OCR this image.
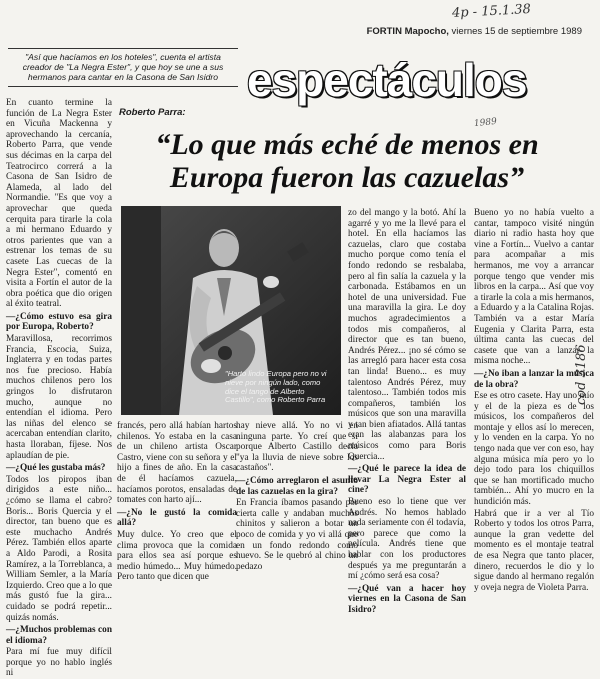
4p - 15.1.38
1989
cod 3186
FORTIN Mapocho, viernes 15 de septiembre 1989
"Así que hacíamos en los hoteles", cuenta el artista creador de "La Negra Ester", y que hoy se une a sus hermanos para cantar en la Casona de San Isidro espectáculos
Roberto Parra:
“Lo que más eché de menos en Europa fueron las cazuelas”
"Harto lindo Europa pero no vi nieve por ningún lado, como dice el tango de Alberto Castillo", como Roberto Parra

En cuanto termine la función de La Negra Ester en Vicuña Mackenna y aprovechando la cercanía, Roberto Parra, que vende sus décimas en la carpa del Teatrocirco correrá a la Casona de San Isidro de Alameda, al lado del Normandie. "Es que voy a aprovechar que queda cerquita para tirarle la cola a mi hermano Eduardo y otros parientes que van a estrenar los temas de su casete Las cuecas de la Negra Ester", comentó en visita a Fortín el autor de la obra poética que dio origen al éxito teatral.

—¿Cómo estuvo esa gira por Europa, Roberto?

Maravillosa, recorrimos Francia, Escocia, Suiza, Inglaterra y en todas partes nos fue precioso. Había muchos chilenos pero los gringos lo disfrutaron mucho, aunque no entendían el idioma. Pero las niñas del elenco se acercaban entendían clarito, hasta lloraban, fíjese. Nos aplaudían de pie.

—¿Qué les gustaba más?

Todos los piropos iban dirigidos a este niño... ¿cómo se llama el cabro? Boris... Boris Quercia y el director, tan bueno que es este muchacho Andrés Pérez. También ellos aparte a Aldo Parodi, a Rosita Ramírez, a la Torreblanca, a William Semler, a la María Izquierdo. Creo que a lo que más gustó fue la gira... cuidado se podrá repetir... quizás nomás.

—¿Muchos problemas con el idioma?

Para mí fue muy difícil porque yo no hablo inglés ni

francés, pero allá habían hartos chilenos. Yo estaba en la casa de un chileno artista Oscar Castro, viene con su señora y el hijo a fines de año. En la casa de él hacíamos cazuela, hacíamos porotos, ensaladas de tomates con harto ají...

—¿No le gustó la comida allá?

Muy dulce. Yo creo que el clima provoca que la comida para ellos sea así porque es medio húmedo... Muy húmedo. Pero tanto que dicen que

hay nieve allá. Yo no vi en ninguna parte. Yo creí que sí porque Alberto Castillo decía "ya la lluvia de nieve sobre los castaños".

—¿Cómo arreglaron el asunto de las cazuelas en la gira?

En Francia íbamos pasando por cierta calle y andaban muchos chinitos y salieron a botar un poco de comida y yo vi allá que en un fondo redondo como huevo. Se le quebró al chino un pedazo

zo del mango y la botó. Ahí la agarré y yo me la llevé para el hotel. En ella hacíamos las cazuelas, claro que costaba mucho porque como tenía el fondo redondo se resbalaba, pero al fin salía la cazuela y la carbonada. Estábamos en un hotel de una universidad. Fue una maravilla la gira. Le doy muchos agradecimientos a todos mis compañeros, al director que es tan bueno, Andrés Pérez... ¡no sé cómo se las arregló para hacer esta cosa tan linda! Bueno... es muy talentoso Andrés Pérez, muy talentoso... También todos mis compañeros, también los músicos que son una maravilla y tan bien afiatados. Allá tantas eran las alabanzas para los músicos como para Boris Quercia...

—¿Qué le parece la idea de llevar La Negra Ester al cine?

Bueno eso lo tiene que ver Andrés. No hemos hablado nada seriamente con él todavía, pero parece que como la película. Andrés tiene que hablar con los productores después ya me preguntarán a mí ¿cómo será esa cosa?

—¿Qué van a hacer hoy viernes en la Casona de San Isidro?

Bueno yo no había vuelto a cantar, tampoco visité ningún diario ni radio hasta hoy que vine a Fortín... Vuelvo a cantar para acompañar a mis hermanos, me voy a arrancar porque tengo que vender mis libros en la carpa... Así que voy a tirarle la cola a mis hermanos, a Eduardo y a la Catalina Rojas. También va a estar María Eugenia y Clarita Parra, esta última canta las cuecas del casete que van a lanzar la misma noche...

—¿No iban a lanzar la música de la obra?

Ese es otro casete. Hay uno mío y el de la pieza es de los músicos, los compañeros del montaje y ellos así lo merecen, y lo venden en la carpa. Yo no tengo nada que ver con eso, hay alguna música mía pero yo lo dejo todo para los chiquillos que se han mortificado mucho también... Ahí yo mucro en la hundición más.

Habrá que ir a ver al Tío Roberto y todos los otros Parra, aunque la gran vedette del momento es el montaje teatral de esa Negra que tanto placer, dinero, recuerdos le dio y lo sigue dando al hermano regalón y oveja negra de Violeta Parra.
